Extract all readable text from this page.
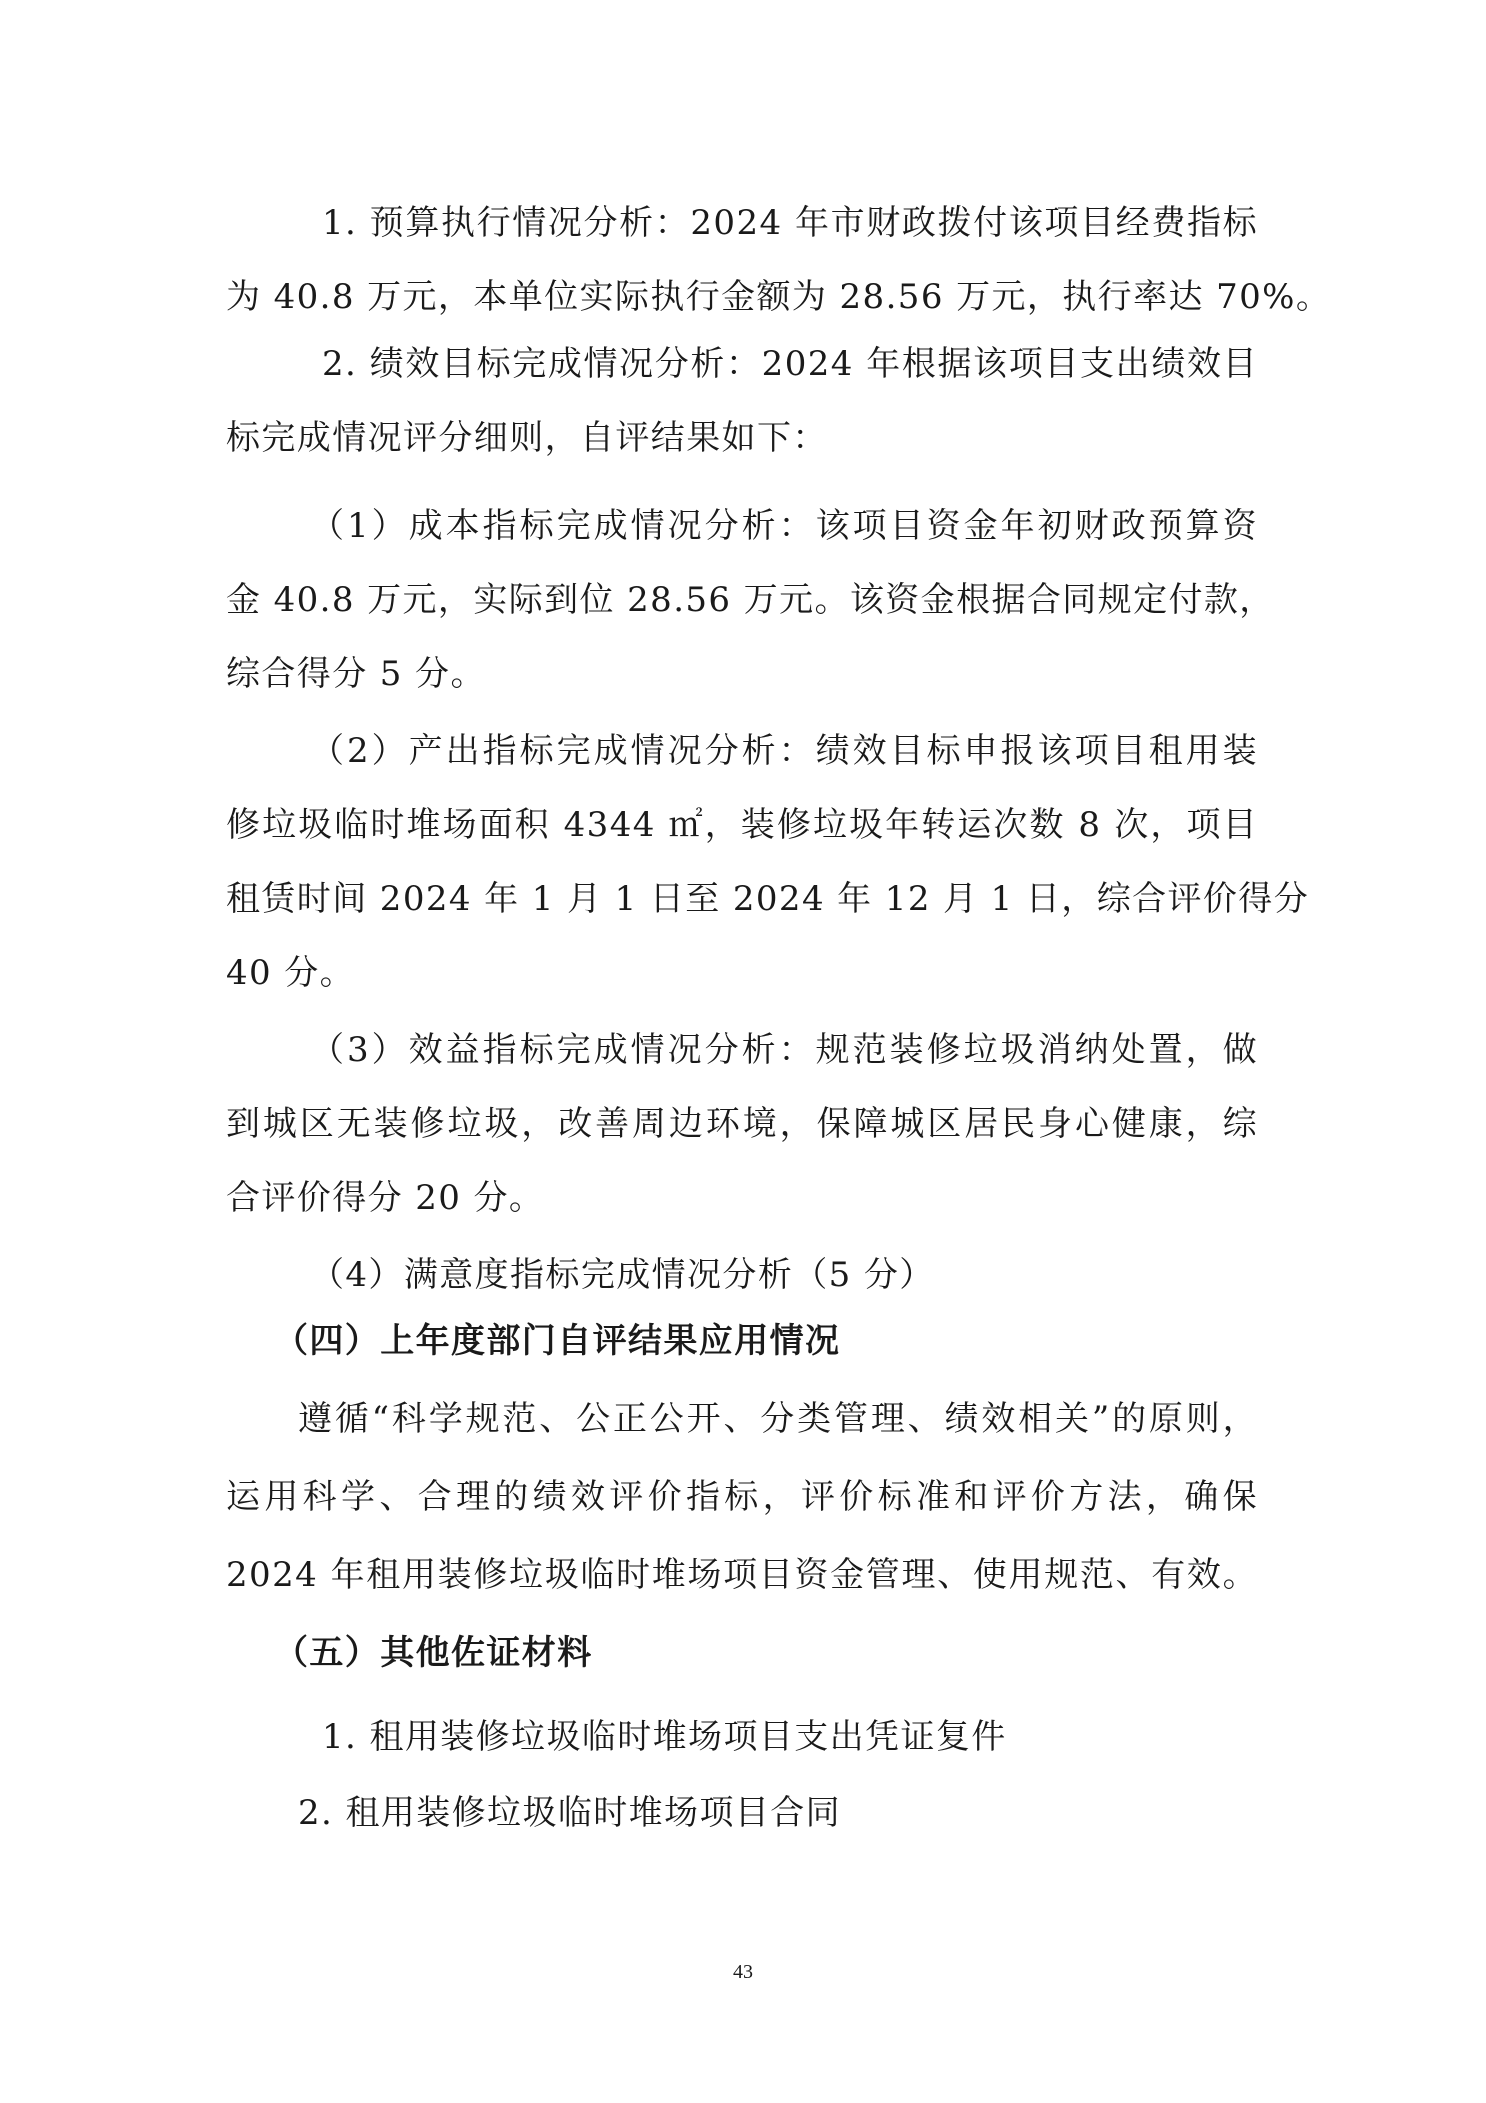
1. 预算执行情况分析：2024 年市财政拨付该项目经费指标
为 40.8 万元，本单位实际执行金额为 28.56 万元，执行率达 70%。
2. 绩效目标完成情况分析：2024 年根据该项目支出绩效目
标完成情况评分细则，自评结果如下：
（1）成本指标完成情况分析：该项目资金年初财政预算资
金 40.8 万元，实际到位 28.56 万元。该资金根据合同规定付款，
综合得分 5 分。
（2）产出指标完成情况分析：绩效目标申报该项目租用装
修垃圾临时堆场面积 4344 ㎡，装修垃圾年转运次数 8 次，项目
租赁时间 2024 年 1 月 1 日至 2024 年 12 月 1 日，综合评价得分
40 分。
（3）效益指标完成情况分析：规范装修垃圾消纳处置，做
到城区无装修垃圾，改善周边环境，保障城区居民身心健康，综
合评价得分 20 分。
（4）满意度指标完成情况分析（5 分）
（四）上年度部门自评结果应用情况
遵循“科学规范、公正公开、分类管理、绩效相关”的原则，
运用科学、合理的绩效评价指标，评价标准和评价方法，确保
2024 年租用装修垃圾临时堆场项目资金管理、使用规范、有效。
（五）其他佐证材料
1. 租用装修垃圾临时堆场项目支出凭证复件
2. 租用装修垃圾临时堆场项目合同
43
